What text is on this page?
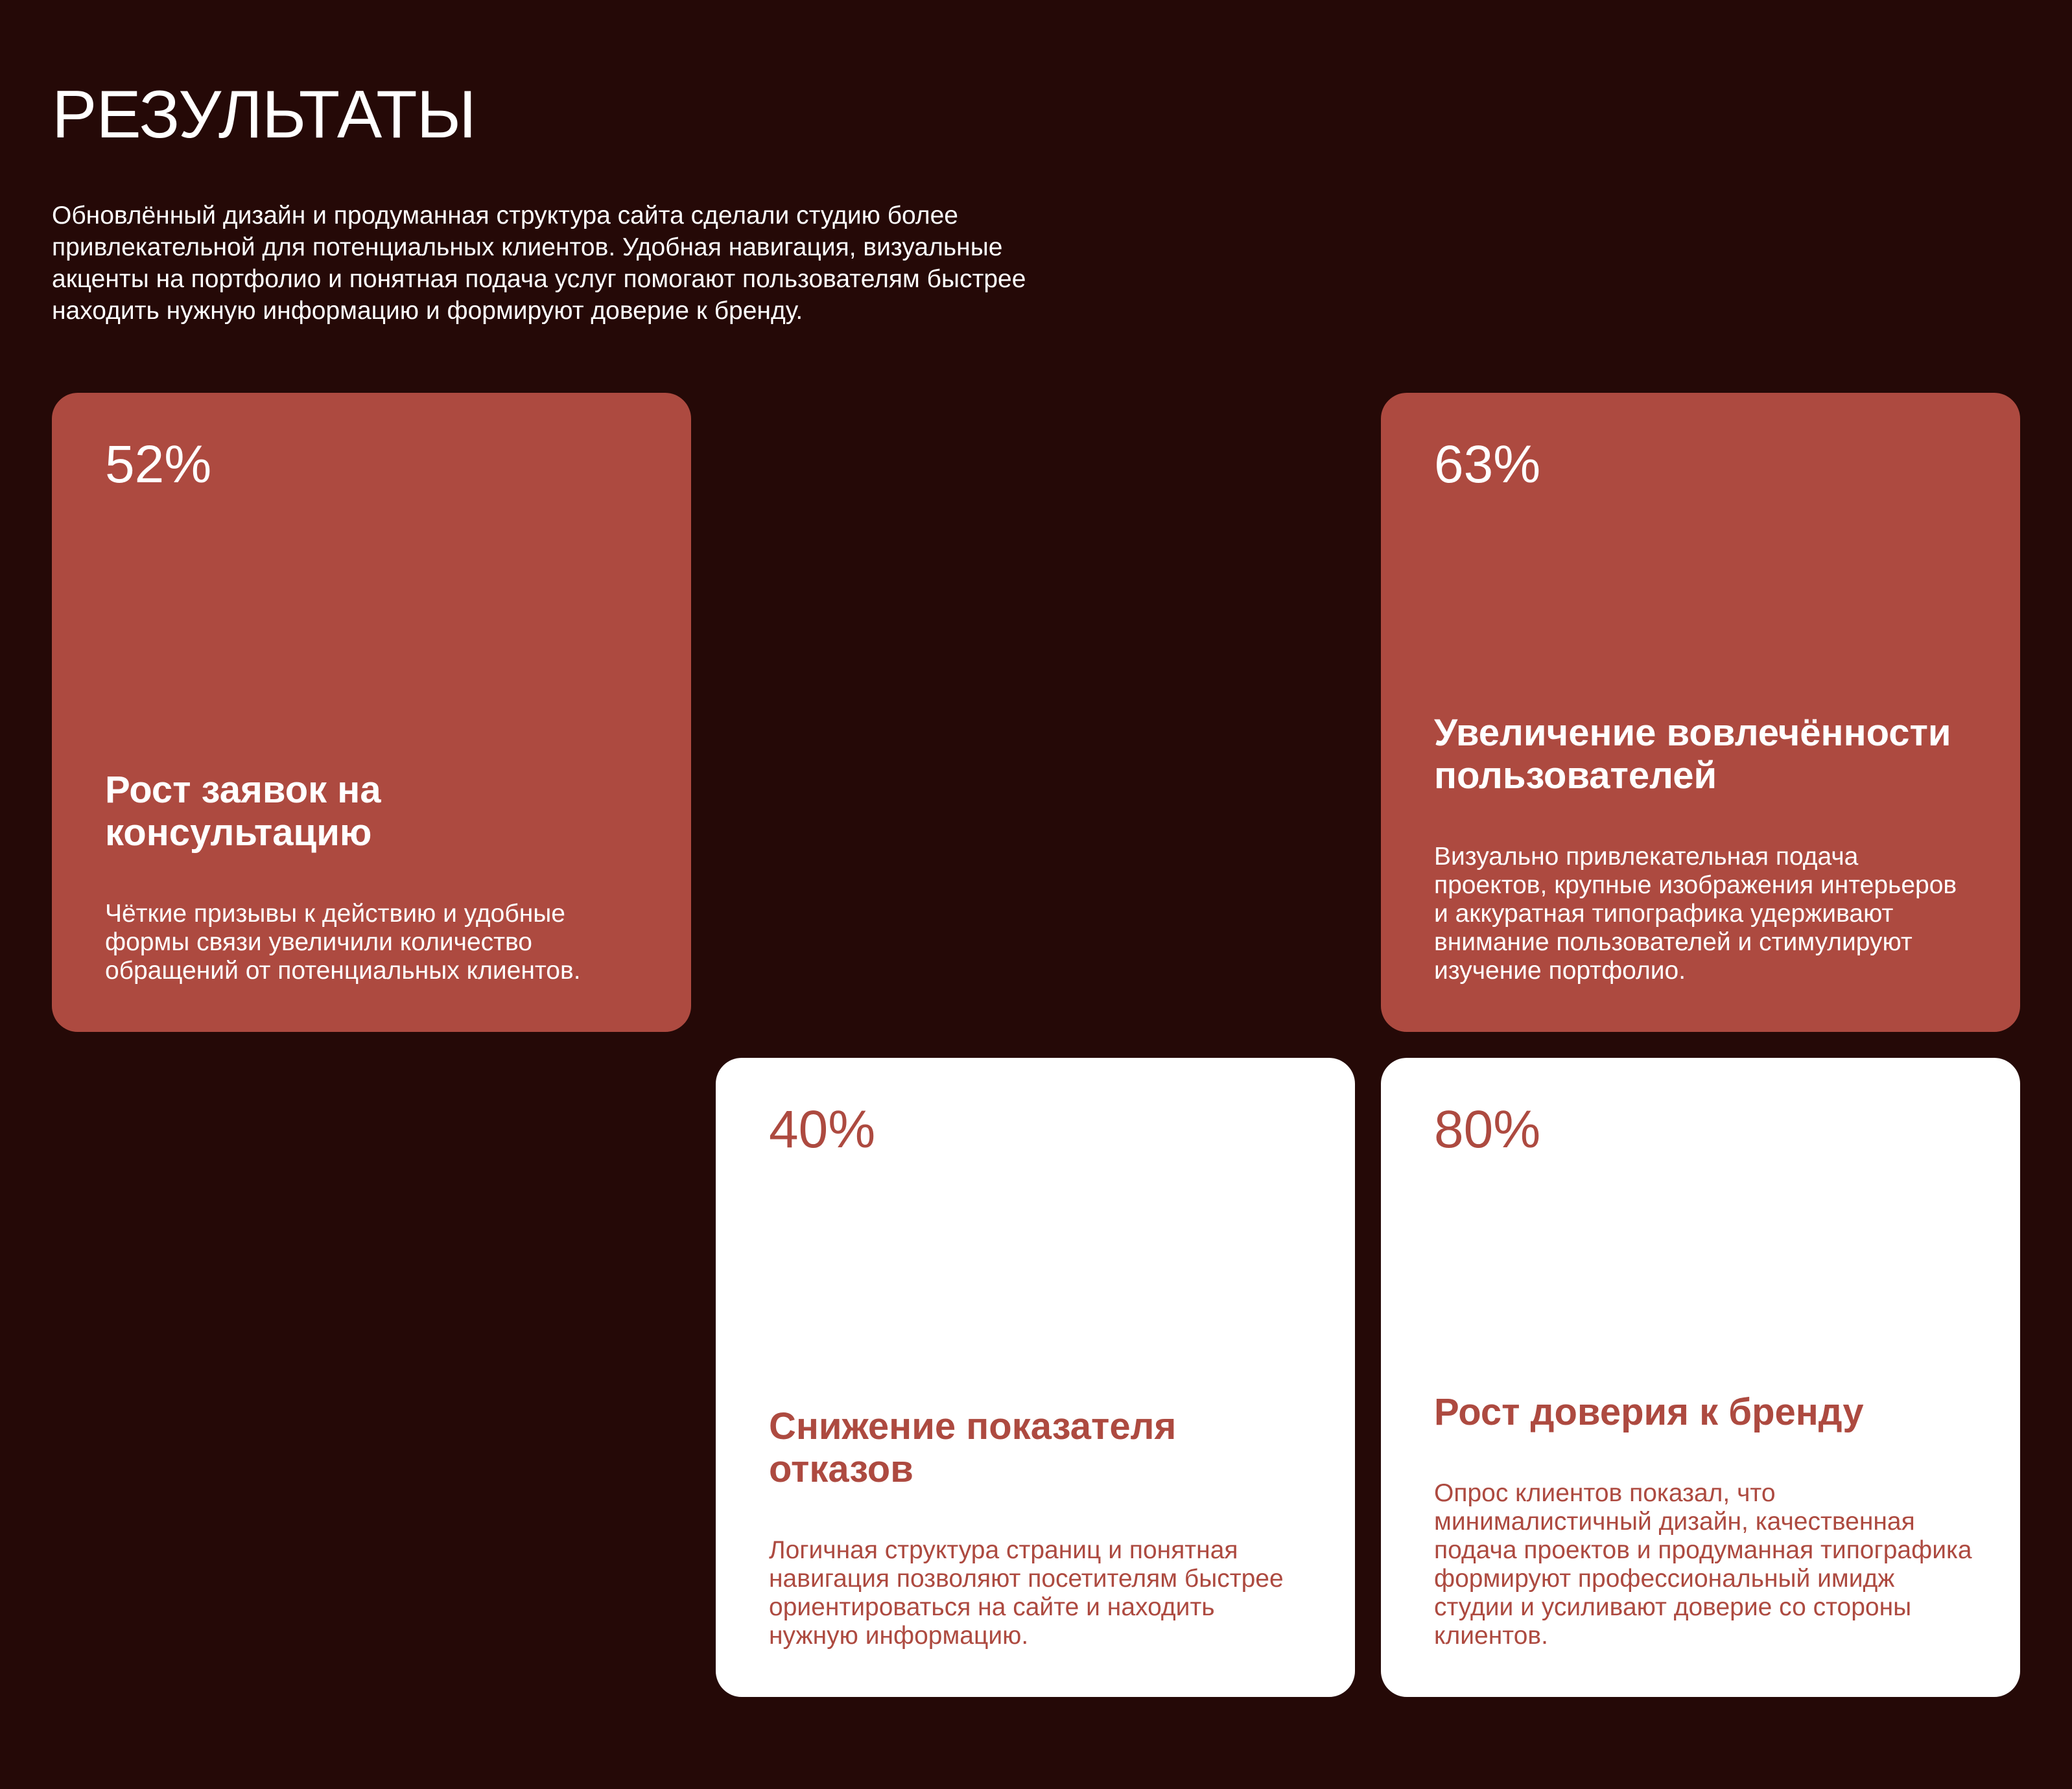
РЕЗУЛЬТАТЫ

Обновлённый дизайн и продуманная структура сайта сделали студию более привлекательной для потенциальных клиентов. Удобная навигация, визуальные акценты на портфолио и понятная подача услуг помогают пользователям быстрее находить нужную информацию и формируют доверие к бренду.

52%

Рост заявок на консультацию

Чёткие призывы к действию и удобные формы связи увеличили количество обращений от потенциальных клиентов.

63%

Увеличение вовлечённости пользователей

Визуально привлекательная подача проектов, крупные изображения интерьеров и аккуратная типографика удерживают внимание пользователей и стимулируют изучение портфолио.

40%

Снижение показателя отказов

Логичная структура страниц и понятная навигация позволяют посетителям быстрее ориентироваться на сайте и находить нужную информацию.

80%

Рост доверия к бренду

Опрос клиентов показал, что минималистичный дизайн, качественная подача проектов и продуманная типографика формируют профессиональный имидж студии и усиливают доверие со стороны клиентов.
